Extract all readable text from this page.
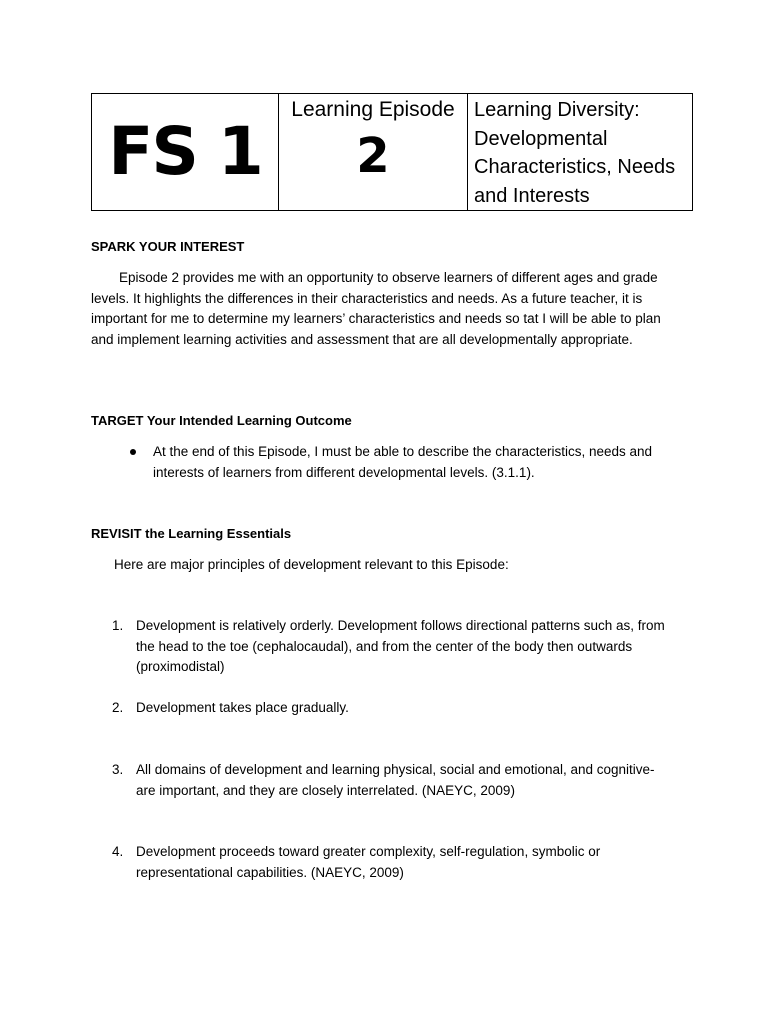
FS 1

Learning Episode
2

Learning Diversity: Developmental Characteristics, Needs and Interests
SPARK YOUR INTEREST
Episode 2 provides me with an opportunity to observe learners of different ages and grade levels. It highlights the differences in their characteristics and needs. As a future teacher, it is important for me to determine my learners’ characteristics and needs so tat I will be able to plan and implement learning activities and assessment that are all developmentally appropriate.
TARGET Your Intended Learning Outcome
At the end of this Episode, I must be able to describe the characteristics, needs and interests of learners from different developmental levels. (3.1.1).
REVISIT the Learning Essentials
Here are major principles of development relevant to this Episode:
1. Development is relatively orderly. Development follows directional patterns such as, from the head to the toe (cephalocaudal), and from the center of the body then outwards (proximodistal)
2. Development takes place gradually.
3. All domains of development and learning physical, social and emotional, and cognitive- are important, and they are closely interrelated. (NAEYC, 2009)
4. Development proceeds toward greater complexity, self-regulation, symbolic or representational capabilities. (NAEYC, 2009)
